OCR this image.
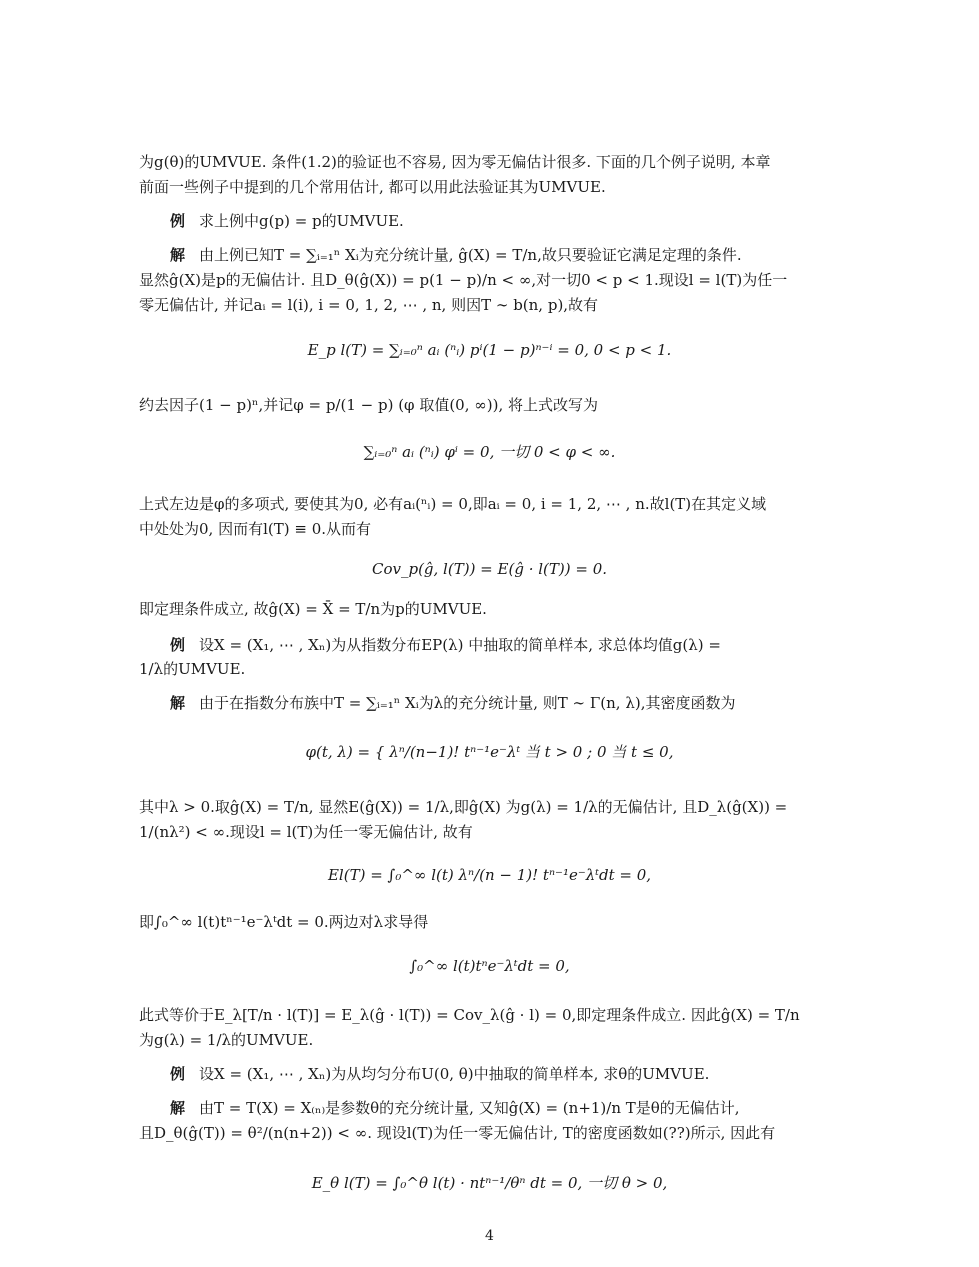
为g(θ)的UMVUE. 条件(1.2)的验证也不容易, 因为零无偏估计很多. 下面的几个例子说明, 本章
前面一些例子中提到的几个常用估计, 都可以用此法验证其为UMVUE.
例 求上例中g(p) = p的UMVUE.
解 由上例已知T = ∑ᵢ₌₁ⁿ Xᵢ为充分统计量, ĝ(X) = T/n,故只要验证它满足定理的条件.
显然ĝ(X)是p的无偏估计. 且D_θ(ĝ(X)) = p(1 − p)/n < ∞,对一切0 < p < 1.现设l = l(T)为任一
零无偏估计, 并记aᵢ = l(i), i = 0, 1, 2, ⋯ , n, 则因T ∼ b(n, p),故有
E_p l(T) = ∑ᵢ₌₀ⁿ aᵢ (ⁿᵢ) pⁱ(1 − p)ⁿ⁻ⁱ = 0, 0 < p < 1.
约去因子(1 − p)ⁿ,并记φ = p/(1 − p) (φ 取值(0, ∞)), 将上式改写为
∑ᵢ₌₀ⁿ aᵢ (ⁿᵢ) φⁱ = 0, 一切 0 < φ < ∞.
上式左边是φ的多项式, 要使其为0, 必有aᵢ(ⁿᵢ) = 0,即aᵢ = 0, i = 1, 2, ⋯ , n.故l(T)在其定义域
中处处为0, 因而有l(T) ≡ 0.从而有
Cov_p(ĝ, l(T)) = E(ĝ · l(T)) = 0.
即定理条件成立, 故ĝ(X) = X̄ = T/n为p的UMVUE.
例 设X = (X₁, ⋯ , Xₙ)为从指数分布EP(λ) 中抽取的简单样本, 求总体均值g(λ) =
1/λ的UMVUE.
解 由于在指数分布族中T = ∑ᵢ₌₁ⁿ Xᵢ为λ的充分统计量, 则T ∼ Γ(n, λ),其密度函数为
φ(t, λ) = { λⁿ/(n−1)! tⁿ⁻¹e⁻λᵗ 当 t > 0 ; 0 当 t ≤ 0,
其中λ > 0.取ĝ(X) = T/n, 显然E(ĝ(X)) = 1/λ,即ĝ(X) 为g(λ) = 1/λ的无偏估计, 且D_λ(ĝ(X)) =
1/(nλ²) < ∞.现设l = l(T)为任一零无偏估计, 故有
El(T) = ∫₀^∞ l(t) λⁿ/(n − 1)! tⁿ⁻¹e⁻λᵗdt = 0,
即∫₀^∞ l(t)tⁿ⁻¹e⁻λᵗdt = 0.两边对λ求导得
∫₀^∞ l(t)tⁿe⁻λᵗdt = 0,
此式等价于E_λ[T/n · l(T)] = E_λ(ĝ · l(T)) = Cov_λ(ĝ · l) = 0,即定理条件成立. 因此ĝ(X) = T/n
为g(λ) = 1/λ的UMVUE.
例 设X = (X₁, ⋯ , Xₙ)为从均匀分布U(0, θ)中抽取的简单样本, 求θ的UMVUE.
解 由T = T(X) = X₍ₙ₎是参数θ的充分统计量, 又知ĝ(X) = (n+1)/n T是θ的无偏估计,
且D_θ(ĝ(T)) = θ²/(n(n+2)) < ∞. 现设l(T)为任一零无偏估计, T的密度函数如(??)所示, 因此有
E_θ l(T) = ∫₀^θ l(t) · ntⁿ⁻¹/θⁿ dt = 0, 一切 θ > 0,
4
